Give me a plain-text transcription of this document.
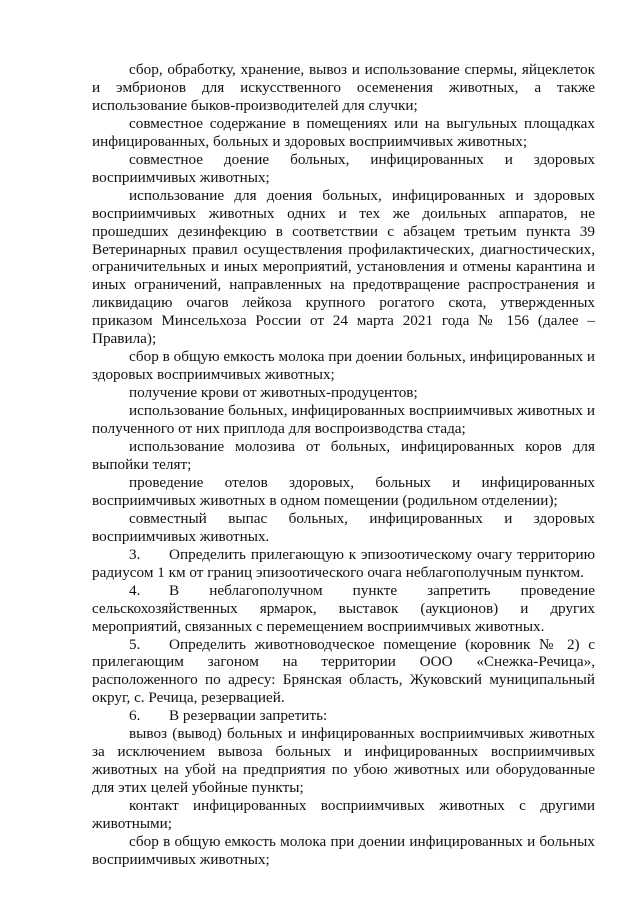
сбор, обработку, хранение, вывоз и использование спермы, яйцеклеток и эмбрионов для искусственного осеменения животных, а также использование быков-производителей для случки;

совместное содержание в помещениях или на выгульных площадках инфицированных, больных и здоровых восприимчивых животных;

совместное доение больных, инфицированных и здоровых восприимчивых животных;

использование для доения больных, инфицированных и здоровых восприимчивых животных одних и тех же доильных аппаратов, не прошедших дезинфекцию в соответствии с абзацем третьим пункта 39 Ветеринарных правил осуществления профилактических, диагностических, ограничительных и иных мероприятий, установления и отмены карантина и иных ограничений, направленных на предотвращение распространения и ликвидацию очагов лейкоза крупного рогатого скота, утвержденных приказом Минсельхоза России от 24 марта 2021 года № 156 (далее – Правила);

сбор в общую емкость молока при доении больных, инфицированных и здоровых восприимчивых животных;

получение крови от животных-продуцентов;

использование больных, инфицированных восприимчивых животных и полученного от них приплода для воспроизводства стада;

использование молозива от больных, инфицированных коров для выпойки телят;

проведение отелов здоровых, больных и инфицированных восприимчивых животных в одном помещении (родильном отделении);

совместный выпас больных, инфицированных и здоровых восприимчивых животных.

3. Определить прилегающую к эпизоотическому очагу территорию радиусом 1 км от границ эпизоотического очага неблагополучным пунктом.

4. В неблагополучном пункте запретить проведение сельскохозяйственных ярмарок, выставок (аукционов) и других мероприятий, связанных с перемещением восприимчивых животных.

5. Определить животноводческое помещение (коровник № 2) с прилегающим загоном на территории ООО «Снежка-Речица», расположенного по адресу: Брянская область, Жуковский муниципальный округ, с. Речица, резервацией.

6. В резервации запретить:

вывоз (вывод) больных и инфицированных восприимчивых животных за исключением вывоза больных и инфицированных восприимчивых животных на убой на предприятия по убою животных или оборудованные для этих целей убойные пункты;

контакт инфицированных восприимчивых животных с другими животными;

сбор в общую емкость молока при доении инфицированных и больных восприимчивых животных;
